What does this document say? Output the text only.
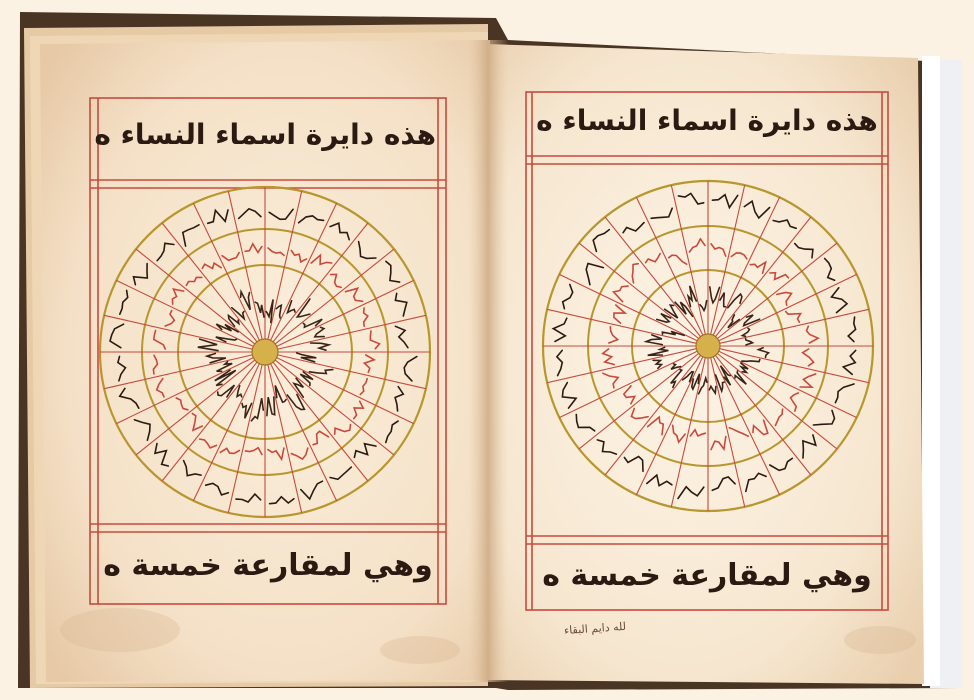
هذه دايرة اسماء النساء ه	هذه دايرة اسماء النساء ه
وهي لمقارعة خمسة ه	وهي لمقارعة خمسة ه
لله دايم البقاء
